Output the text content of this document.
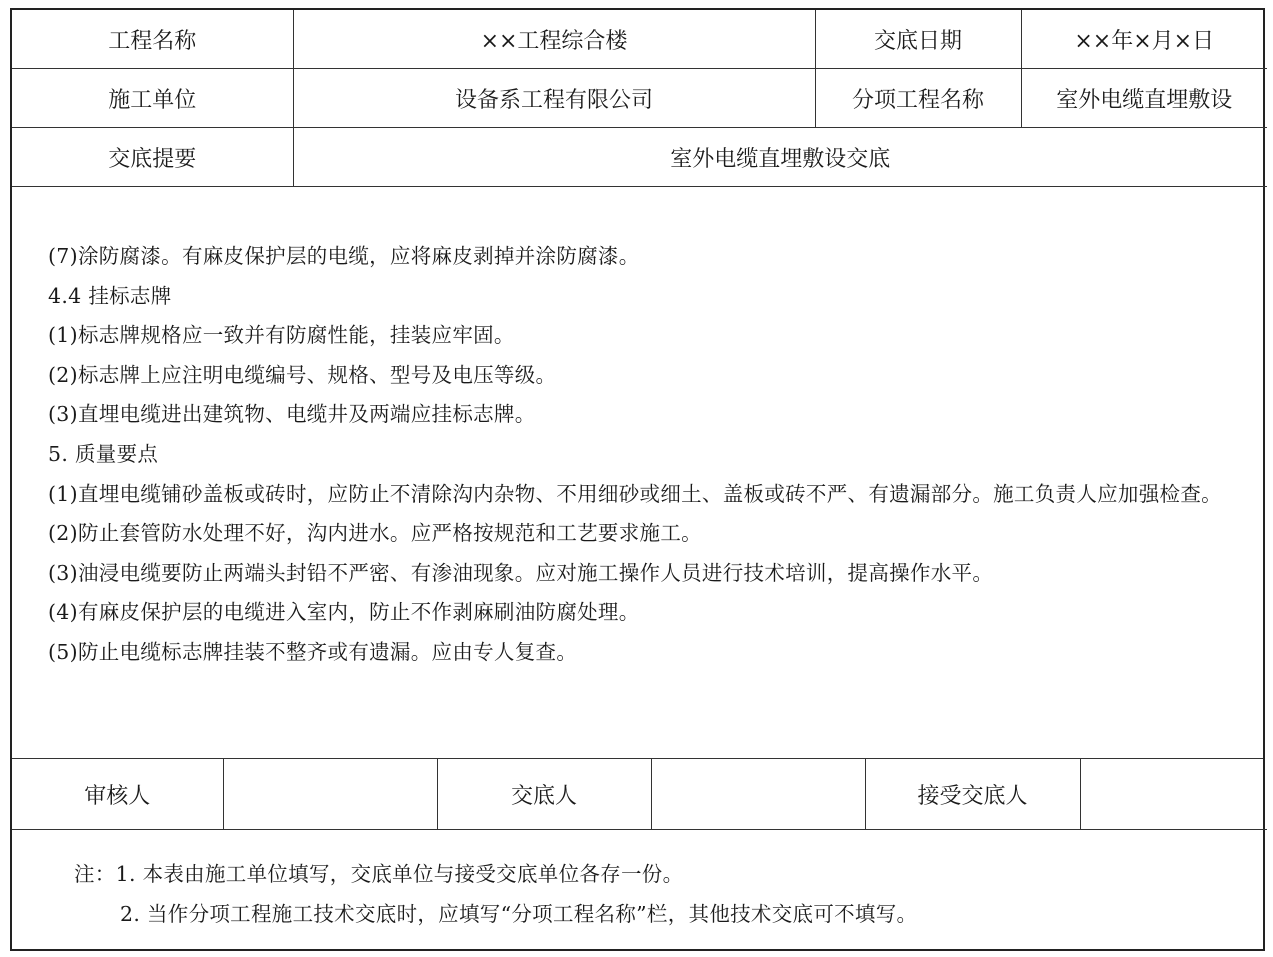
工程名称	××工程综合楼	交底日期	××年×月×日
施工单位	设备系工程有限公司	分项工程名称	室外电缆直埋敷设
交底提要	室外电缆直埋敷设交底		

(7)涂防腐漆。有麻皮保护层的电缆，应将麻皮剥掉并涂防腐漆。

4.4 挂标志牌

(1)标志牌规格应一致并有防腐性能，挂装应牢固。

(2)标志牌上应注明电缆编号、规格、型号及电压等级。

(3)直埋电缆进出建筑物、电缆井及两端应挂标志牌。

5. 质量要点

(1)直埋电缆铺砂盖板或砖时，应防止不清除沟内杂物、不用细砂或细土、盖板或砖不严、有遗漏部分。施工负责人应加强检查。

(2)防止套管防水处理不好，沟内进水。应严格按规范和工艺要求施工。

(3)油浸电缆要防止两端头封铅不严密、有渗油现象。应对施工操作人员进行技术培训，提高操作水平。

(4)有麻皮保护层的电缆进入室内，防止不作剥麻刷油防腐处理。

(5)防止电缆标志牌挂装不整齐或有遗漏。应由专人复查。

审核人		交底人		接受交底人	

注：1. 本表由施工单位填写，交底单位与接受交底单位各存一份。

2. 当作分项工程施工技术交底时，应填写“分项工程名称”栏，其他技术交底可不填写。
